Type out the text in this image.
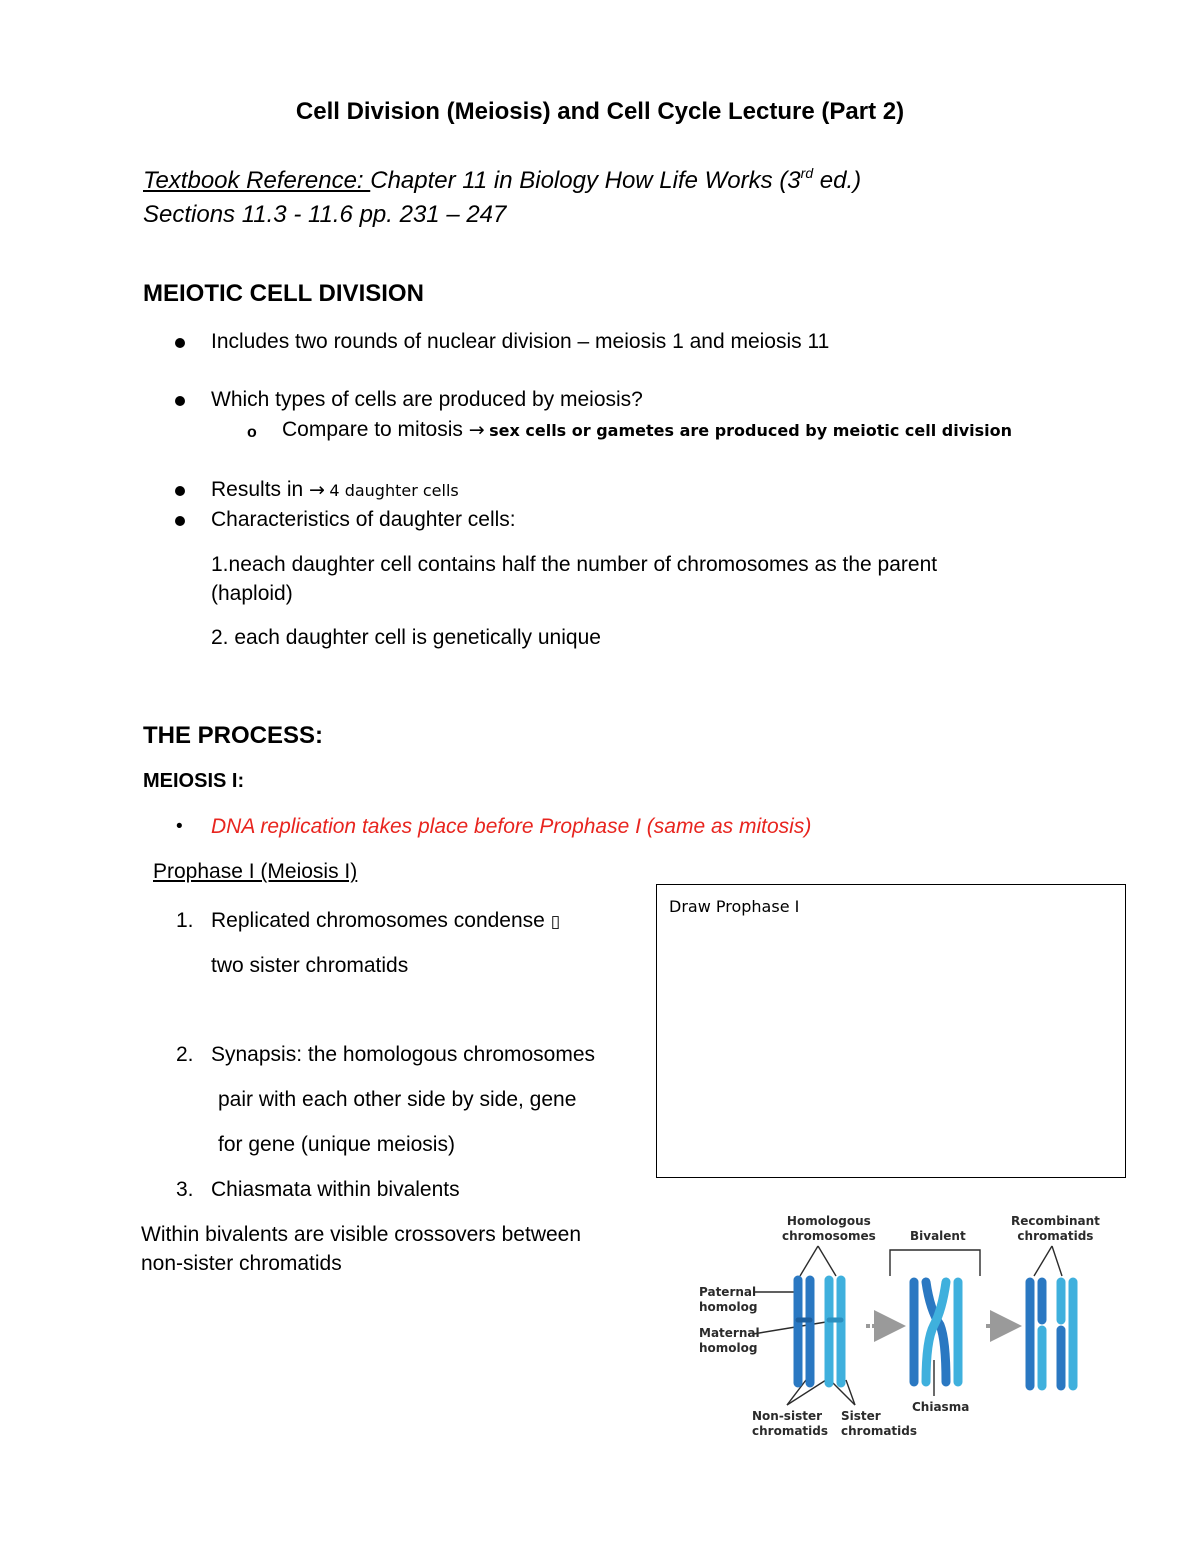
Cell Division (Meiosis) and Cell Cycle Lecture (Part 2)
Textbook Reference: Chapter 11 in Biology How Life Works (3rd ed.)
Sections 11.3 - 11.6 pp. 231 – 247
MEIOTIC CELL DIVISION
Includes two rounds of nuclear division – meiosis 1 and meiosis 11
Which types of cells are produced by meiosis?
o Compare to mitosis → sex cells or gametes are produced by meiotic cell division
Results in → 4 daughter cells
Characteristics of daughter cells:
1.neach daughter cell contains half the number of chromosomes as the parent
(haploid)
2. each daughter cell is genetically unique
THE PROCESS:
MEIOSIS I:
• DNA replication takes place before Prophase I (same as mitosis)
Prophase I (Meiosis I)
1. Replicated chromosomes condense ▯
two sister chromatids
2. Synapsis: the homologous chromosomes
pair with each other side by side, gene
for gene (unique meiosis)
3. Chiasmata within bivalents
Within bivalents are visible crossovers between
non-sister chromatids
Draw Prophase I
Homologous
chromosomes	Bivalent
Recombinant
chromatids
Paternal
homolog
Maternal
homolog
Non-sister
chromatids
Sister
chromatids
Chiasma
